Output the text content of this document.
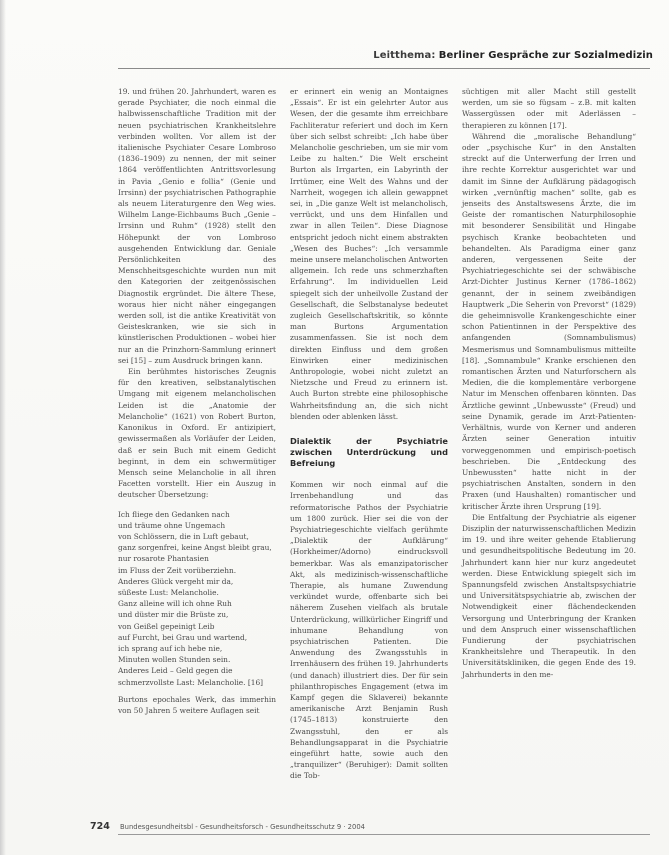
Leitthema: Berliner Gespräche zur Sozialmedizin

19. und frühen 20. Jahrhundert, waren es gerade Psychiater, die noch einmal die halbwissenschaftliche Tradition mit der neuen psychiatrischen Krankheitslehre verbinden wollten. Vor allem ist der italienische Psychiater Cesare Lombroso (1836–1909) zu nennen, der mit seiner 1864 veröffentlichten Antrittsvorlesung in Pavia „Genio e follia“ (Genie und Irrsinn) der psychiatrischen Pathographie als neuem Literaturgenre den Weg wies. Wilhelm Lange-Eichbaums Buch „Genie – Irrsinn und Ruhm“ (1928) stellt den Höhepunkt der von Lombroso ausgehenden Entwicklung dar. Geniale Persönlichkeiten des Menschheitsgeschichte wurden nun mit den Kategorien der zeitgenössischen Diagnostik ergründet. Die ältere These, woraus hier nicht näher eingegangen werden soll, ist die antike Kreativität von Geisteskranken, wie sie sich in künstlerischen Produktionen – wobei hier nur an die Prinzhorn-Sammlung erinnert sei [15] – zum Ausdruck bringen kann.

Ein berühmtes historisches Zeugnis für den kreativen, selbstanalytischen Umgang mit eigenem melancholischen Leiden ist die „Anatomie der Melancholie“ (1621) von Robert Burton, Kanonikus in Oxford. Er antizipiert, gewissermaßen als Vorläufer der Leiden, daß er sein Buch mit einem Gedicht beginnt, in dem ein schwermütiger Mensch seine Melancholie in all ihren Facetten vorstellt. Hier ein Auszug in deutscher Übersetzung:

Ich fliege den Gedanken nach
und träume ohne Ungemach
von Schlössern, die in Luft gebaut,
ganz sorgenfrei, keine Angst bleibt grau,
nur rosarote Phantasien
im Fluss der Zeit vorüberziehn.
Anderes Glück vergeht mir da,
süßeste Lust: Melancholie.
Ganz alleine will ich ohne Ruh
und düster mir die Brüste zu,
von Geißel gepeinigt Leib
auf Furcht, bei Grau und wartend,
ich sprang auf ich hebe nie,
Minuten wollen Stunden sein.
Anderes Leid – Geld gegen die
schmerzvollste Last: Melancholie. [16]

Burtons epochales Werk, das immerhin von 50 Jahren 5 weitere Auflagen seit

er erinnert ein wenig an Montaignes „Essais“. Er ist ein gelehrter Autor aus Wesen, der die gesamte ihm erreichbare Fachliteratur referiert und doch im Kern über sich selbst schreibt: „Ich habe über Melancholie geschrieben, um sie mir vom Leibe zu halten.“ Die Welt erscheint Burton als Irrgarten, ein Labyrinth der Irrtümer, eine Welt des Wahns und der Narrheit, wogegen ich allein gewappnet sei, in „Die ganze Welt ist melancholisch, verrückt, und uns dem Hinfallen und zwar in allen Teilen“. Diese Diagnose entspricht jedoch nicht einem abstrakten „Wesen des Buches“: „Ich versammle meine unsere melancholischen Antworten allgemein. Ich rede uns schmerzhaften Erfahrung“. Im individuellen Leid spiegelt sich der unheilvolle Zustand der Gesellschaft, die Selbstanalyse bedeutet zugleich Gesellschaftskritik, so könnte man Burtons Argumentation zusammenfassen. Sie ist noch dem direkten Einfluss und dem großen Einwirken einer medizinischen Anthropologie, wobei nicht zuletzt an Nietzsche und Freud zu erinnern ist. Auch Burton strebte eine philosophische Wahrheitsfindung an, die sich nicht blenden oder ablenken lässt.

Dialektik der Psychiatrie zwischen Unterdrückung und Befreiung

Kommen wir noch einmal auf die Irrenbehandlung und das reformatorische Pathos der Psychiatrie um 1800 zurück. Hier sei die von der Psychiatriegeschichte vielfach gerühmte „Dialektik der Aufklärung“ (Horkheimer/Adorno) eindrucksvoll bemerkbar. Was als emanzipatorischer Akt, als medizinisch-wissenschaftliche Therapie, als humane Zuwendung verkündet wurde, offenbarte sich bei näherem Zusehen vielfach als brutale Unterdrückung, willkürlicher Eingriff und inhumane Behandlung von psychiatrischen Patienten. Die Anwendung des Zwangsstuhls in Irrenhäusern des frühen 19. Jahrhunderts (und danach) illustriert dies. Der für sein philanthropisches Engagement (etwa im Kampf gegen die Sklaverei) bekannte amerikanische Arzt Benjamin Rush (1745–1813) konstruierte den Zwangsstuhl, den er als Behandlungsapparat in die Psychiatrie eingeführt hatte, sowie auch den „tranquilizer“ (Beruhiger): Damit sollten die Tob-

süchtigen mit aller Macht still gestellt werden, um sie so fügsam – z.B. mit kalten Wassergüssen oder mit Aderlässen – therapieren zu können [17].

Während die „moralische Behandlung“ oder „psychische Kur“ in den Anstalten streckt auf die Unterwerfung der Irren und ihre rechte Korrektur ausgerichtet war und damit im Sinne der Aufklärung pädagogisch wirken „vernünftig machen“ sollte, gab es jenseits des Anstaltswesens Ärzte, die im Geiste der romantischen Naturphilosophie mit besonderer Sensibilität und Hingabe psychisch Kranke beobachteten und behandelten. Als Paradigma einer ganz anderen, vergessenen Seite der Psychiatriegeschichte sei der schwäbische Arzt-Dichter Justinus Kerner (1786–1862) genannt, der in seinem zweibändigen Hauptwerk „Die Seherin von Prevorst“ (1829) die geheimnisvolle Krankengeschichte einer schon Patientinnen in der Perspektive des anfangenden (Somnambulismus) Mesmerismus und Somnambulismus mitteilte [18]. „Somnambule“ Kranke erschienen den romantischen Ärzten und Naturforschern als Medien, die die komplementäre verborgene Natur im Menschen offenbaren könnten. Das Ärztliche gewinnt „Unbewusste“ (Freud) und seine Dynamik, gerade im Arzt-Patienten-Verhältnis, wurde von Kerner und anderen Ärzten seiner Generation intuitiv vorweggenommen und empirisch-poetisch beschrieben. Die „Entdeckung des Unbewussten“ hatte nicht in der psychiatrischen Anstalten, sondern in den Praxen (und Haushalten) romantischer und kritischer Ärzte ihren Ursprung [19].

Die Entfaltung der Psychiatrie als eigener Disziplin der naturwissenschaftlichen Medizin im 19. und ihre weiter gehende Etablierung und gesundheitspolitische Bedeutung im 20. Jahrhundert kann hier nur kurz angedeutet werden. Diese Entwicklung spiegelt sich im Spannungsfeld zwischen Anstaltspsychiatrie und Universitätspsychiatrie ab, zwischen der Notwendigkeit einer flächendeckenden Versorgung und Unterbringung der Kranken und dem Anspruch einer wissenschaftlichen Fundierung der psychiatrischen Krankheitslehre und Therapeutik. In den Universitätskliniken, die gegen Ende des 19. Jahrhunderts in den me-

724 Bundesgesundheitsbl - Gesundheitsforsch - Gesundheitsschutz 9 · 2004
